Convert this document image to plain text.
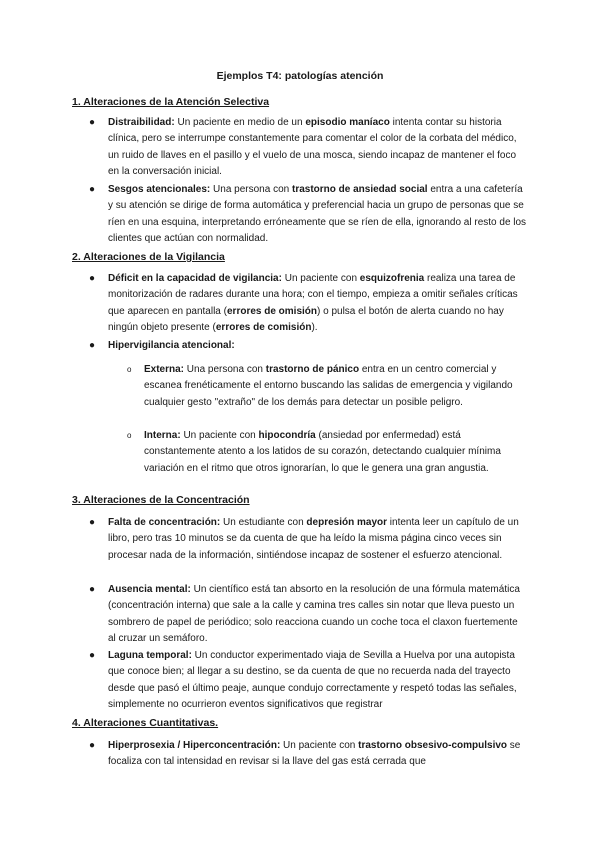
Ejemplos T4: patologías atención
1. Alteraciones de la Atención Selectiva
● Distraibilidad: Un paciente en medio de un episodio maníaco intenta contar su historia clínica, pero se interrumpe constantemente para comentar el color de la corbata del médico, un ruido de llaves en el pasillo y el vuelo de una mosca, siendo incapaz de mantener el foco en la conversación inicial.
● Sesgos atencionales: Una persona con trastorno de ansiedad social entra a una cafetería y su atención se dirige de forma automática y preferencial hacia un grupo de personas que se ríen en una esquina, interpretando erróneamente que se ríen de ella, ignorando al resto de los clientes que actúan con normalidad.
2. Alteraciones de la Vigilancia
● Déficit en la capacidad de vigilancia: Un paciente con esquizofrenia realiza una tarea de monitorización de radares durante una hora; con el tiempo, empieza a omitir señales críticas que aparecen en pantalla (errores de omisión) o pulsa el botón de alerta cuando no hay ningún objeto presente (errores de comisión).
● Hipervigilancia atencional:
o Externa: Una persona con trastorno de pánico entra en un centro comercial y escanea frenéticamente el entorno buscando las salidas de emergencia y vigilando cualquier gesto "extraño" de los demás para detectar un posible peligro.
o Interna: Un paciente con hipocondría (ansiedad por enfermedad) está constantemente atento a los latidos de su corazón, detectando cualquier mínima variación en el ritmo que otros ignorarían, lo que le genera una gran angustia.
3. Alteraciones de la Concentración
● Falta de concentración: Un estudiante con depresión mayor intenta leer un capítulo de un libro, pero tras 10 minutos se da cuenta de que ha leído la misma página cinco veces sin procesar nada de la información, sintiéndose incapaz de sostener el esfuerzo atencional.
● Ausencia mental: Un científico está tan absorto en la resolución de una fórmula matemática (concentración interna) que sale a la calle y camina tres calles sin notar que lleva puesto un sombrero de papel de periódico; solo reacciona cuando un coche toca el claxon fuertemente al cruzar un semáforo.
● Laguna temporal: Un conductor experimentado viaja de Sevilla a Huelva por una autopista que conoce bien; al llegar a su destino, se da cuenta de que no recuerda nada del trayecto desde que pasó el último peaje, aunque condujo correctamente y respetó todas las señales, simplemente no ocurrieron eventos significativos que registrar
4. Alteraciones Cuantitativas.
● Hiperprosexia / Hiperconcentración: Un paciente con trastorno obsesivo-compulsivo se focaliza con tal intensidad en revisar si la llave del gas está cerrada que
